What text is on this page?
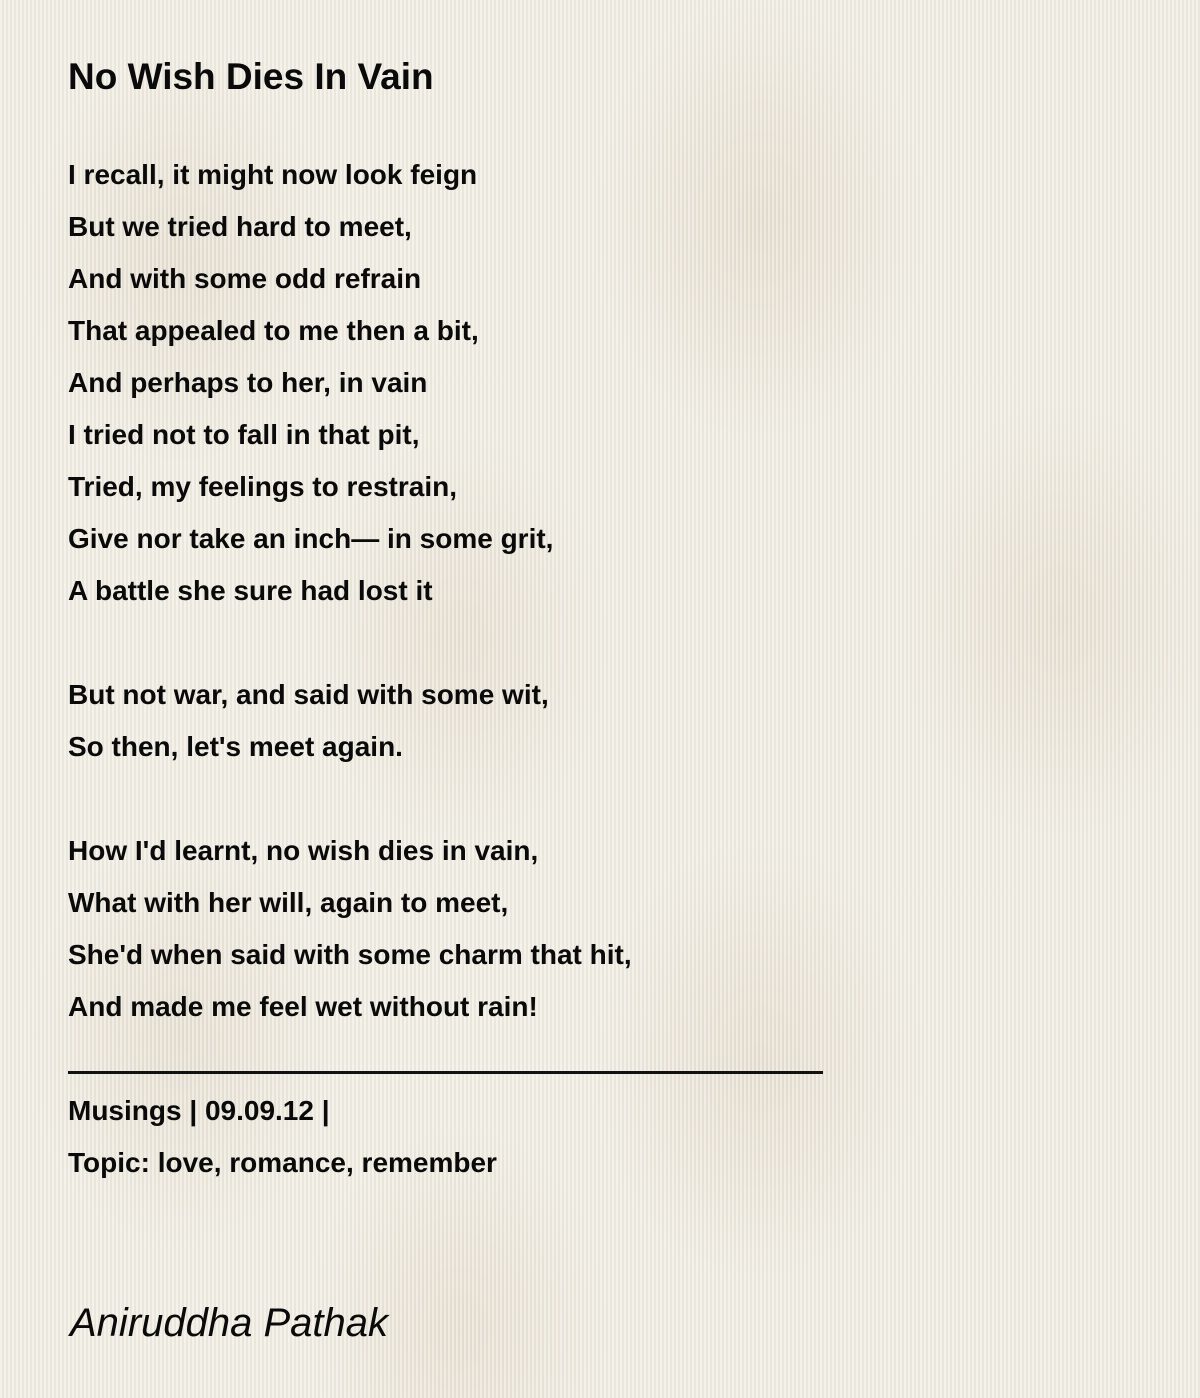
No Wish Dies In Vain
I recall, it might now look feign
But we tried hard to meet,
And with some odd refrain
That appealed to me then a bit,
And perhaps to her, in vain
I tried not to fall in that pit,
Tried, my feelings to restrain,
Give nor take an inch— in some grit,
A battle she sure had lost it
But not war, and said with some wit,
So then, let's meet again.
How I'd learnt, no wish dies in vain,
What with her will, again to meet,
She'd when said with some charm that hit,
And made me feel wet without rain!
Musings | 09.09.12 |
Topic: love, romance, remember
Aniruddha Pathak
